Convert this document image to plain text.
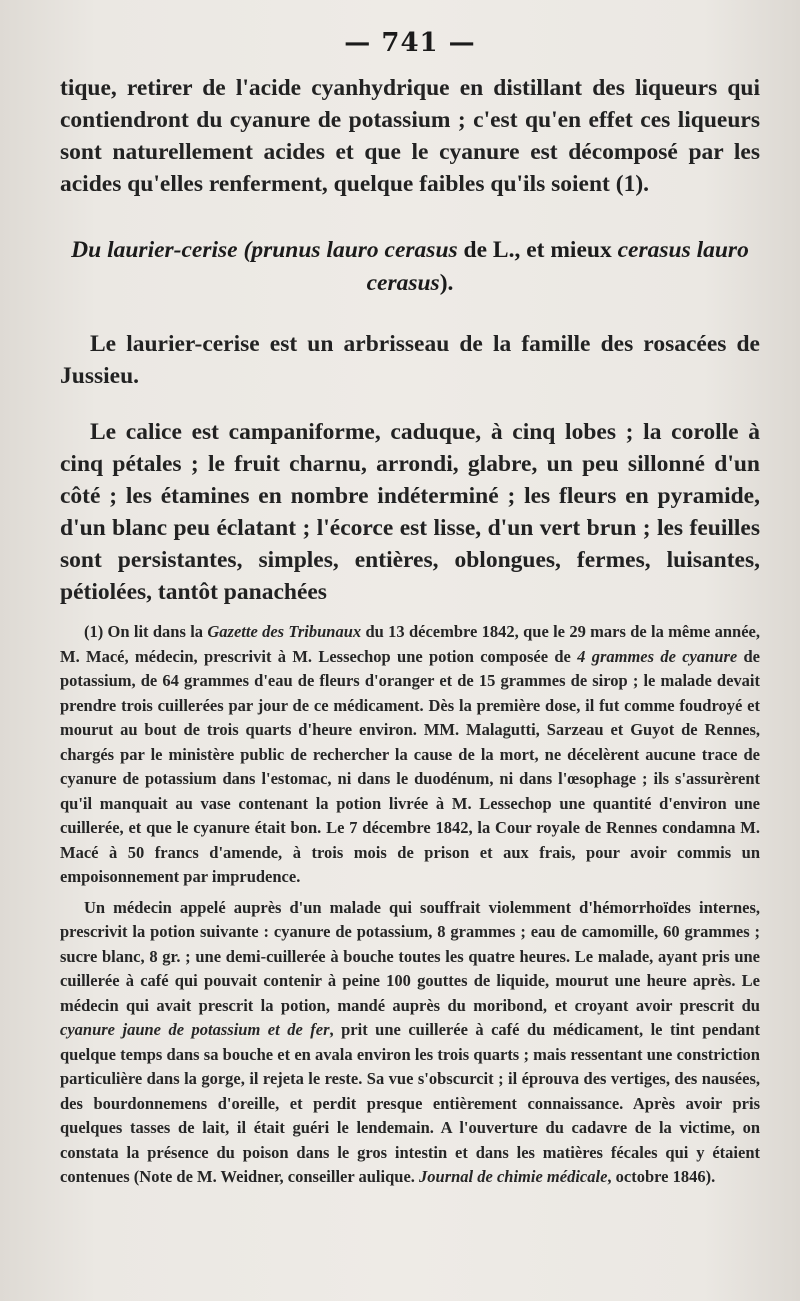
— 741 —

tique, retirer de l'acide cyanhydrique en distillant des liqueurs qui contiendront du cyanure de potassium ; c'est qu'en effet ces liqueurs sont naturellement acides et que le cyanure est décomposé par les acides qu'elles renferment, quelque faibles qu'ils soient (1).

Du laurier-cerise (prunus lauro cerasus de L., et mieux cerasus lauro cerasus).

Le laurier-cerise est un arbrisseau de la famille des rosacées de Jussieu.

Le calice est campaniforme, caduque, à cinq lobes ; la corolle à cinq pétales ; le fruit charnu, arrondi, glabre, un peu sillonné d'un côté ; les étamines en nombre indéterminé ; les fleurs en pyramide, d'un blanc peu éclatant ; l'écorce est lisse, d'un vert brun ; les feuilles sont persistantes, simples, entières, oblongues, fermes, luisantes, pétiolées, tantôt panachées

(1) On lit dans la Gazette des Tribunaux du 13 décembre 1842, que le 29 mars de la même année, M. Macé, médecin, prescrivit à M. Lessechop une potion composée de 4 grammes de cyanure de potassium, de 64 grammes d'eau de fleurs d'oranger et de 15 grammes de sirop ; le malade devait prendre trois cuillerées par jour de ce médicament. Dès la première dose, il fut comme foudroyé et mourut au bout de trois quarts d'heure environ. MM. Malagutti, Sarzeau et Guyot de Rennes, chargés par le ministère public de rechercher la cause de la mort, ne décelèrent aucune trace de cyanure de potassium dans l'estomac, ni dans le duodénum, ni dans l'œsophage ; ils s'assurèrent qu'il manquait au vase contenant la potion livrée à M. Lessechop une quantité d'environ une cuillerée, et que le cyanure était bon. Le 7 décembre 1842, la Cour royale de Rennes condamna M. Macé à 50 francs d'amende, à trois mois de prison et aux frais, pour avoir commis un empoisonnement par imprudence.

Un médecin appelé auprès d'un malade qui souffrait violemment d'hémorrhoïdes internes, prescrivit la potion suivante : cyanure de potassium, 8 grammes ; eau de camomille, 60 grammes ; sucre blanc, 8 gr. ; une demi-cuillerée à bouche toutes les quatre heures. Le malade, ayant pris une cuillerée à café qui pouvait contenir à peine 100 gouttes de liquide, mourut une heure après. Le médecin qui avait prescrit la potion, mandé auprès du moribond, et croyant avoir prescrit du cyanure jaune de potassium et de fer, prit une cuillerée à café du médicament, le tint pendant quelque temps dans sa bouche et en avala environ les trois quarts ; mais ressentant une constriction particulière dans la gorge, il rejeta le reste. Sa vue s'obscurcit ; il éprouva des vertiges, des nausées, des bourdonnemens d'oreille, et perdit presque entièrement connaissance. Après avoir pris quelques tasses de lait, il était guéri le lendemain. A l'ouverture du cadavre de la victime, on constata la présence du poison dans le gros intestin et dans les matières fécales qui y étaient contenues (Note de M. Weidner, conseiller aulique. Journal de chimie médicale, octobre 1846).
